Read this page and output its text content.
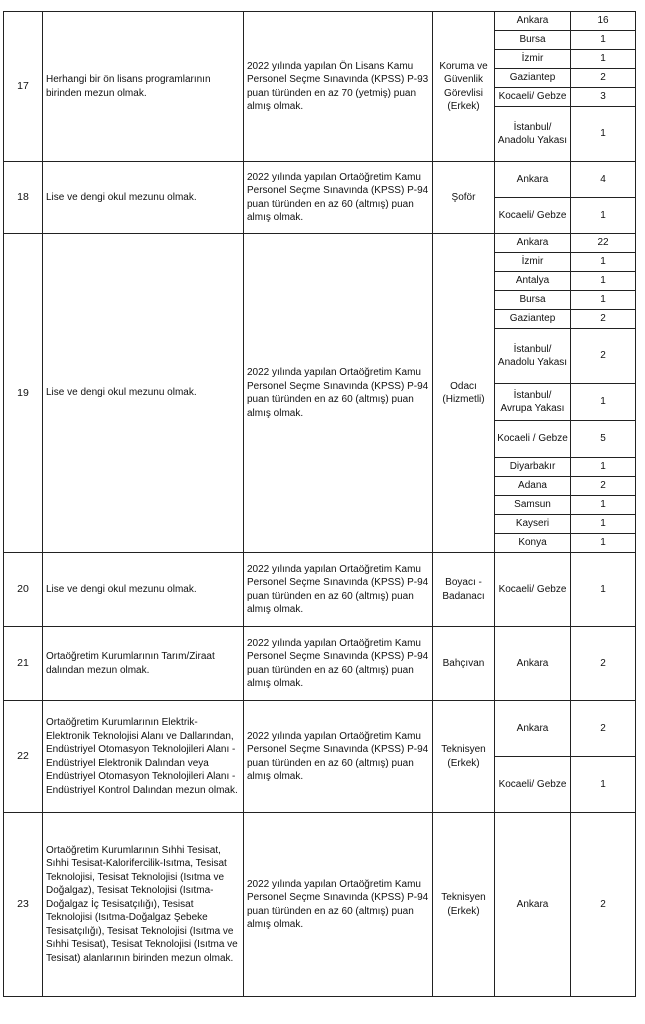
17	Herhangi bir ön lisans programlarının birinden mezun olmak.	2022 yılında yapılan Ön Lisans Kamu Personel Seçme Sınavında (KPSS) P-93 puan türünden en az 70 (yetmiş) puan almış olmak.	Koruma ve Güvenlik Görevlisi (Erkek)	Ankara	16
				Bursa	1
				İzmir	1
				Gaziantep	2
				Kocaeli/ Gebze	3
				İstanbul/ Anadolu Yakası	1
18	Lise ve dengi okul mezunu olmak.	2022 yılında yapılan Ortaöğretim Kamu Personel Seçme Sınavında (KPSS) P-94 puan türünden en az 60 (altmış) puan almış olmak.	Şoför	Ankara	4
				Kocaeli/ Gebze	1
19	Lise ve dengi okul mezunu olmak.	2022 yılında yapılan Ortaöğretim Kamu Personel Seçme Sınavında (KPSS) P-94 puan türünden en az 60 (altmış) puan almış olmak.	Odacı (Hizmetli)	Ankara	22
				İzmir	1
				Antalya	1
				Bursa	1
				Gaziantep	2
				İstanbul/ Anadolu Yakası	2
				İstanbul/ Avrupa Yakası	1
				Kocaeli / Gebze	5
				Diyarbakır	1
				Adana	2
				Samsun	1
				Kayseri	1
				Konya	1
20	Lise ve dengi okul mezunu olmak.	2022 yılında yapılan Ortaöğretim Kamu Personel Seçme Sınavında (KPSS) P-94 puan türünden en az 60 (altmış) puan almış olmak.	Boyacı - Badanacı	Kocaeli/ Gebze	1
21	Ortaöğretim Kurumlarının Tarım/Ziraat dalından mezun olmak.	2022 yılında yapılan Ortaöğretim Kamu Personel Seçme Sınavında (KPSS) P-94 puan türünden en az 60 (altmış) puan almış olmak.	Bahçıvan	Ankara	2
22	Ortaöğretim Kurumlarının Elektrik-Elektronik Teknolojisi Alanı ve Dallarından, Endüstriyel Otomasyon Teknolojileri Alanı - Endüstriyel Elektronik Dalından veya Endüstriyel Otomasyon Teknolojileri Alanı - Endüstriyel Kontrol Dalından mezun olmak.	2022 yılında yapılan Ortaöğretim Kamu Personel Seçme Sınavında (KPSS) P-94 puan türünden en az 60 (altmış) puan almış olmak.	Teknisyen (Erkek)	Ankara	2
				Kocaeli/ Gebze	1
23	Ortaöğretim Kurumlarının Sıhhi Tesisat, Sıhhi Tesisat-Kalorifercilik-Isıtma, Tesisat Teknolojisi, Tesisat Teknolojisi (Isıtma ve Doğalgaz), Tesisat Teknolojisi (Isıtma-Doğalgaz İç Tesisatçılığı), Tesisat Teknolojisi (Isıtma-Doğalgaz Şebeke Tesisatçılığı), Tesisat Teknolojisi (Isıtma ve Sıhhi Tesisat), Tesisat Teknolojisi (Isıtma ve Tesisat) alanlarının birinden mezun olmak.	2022 yılında yapılan Ortaöğretim Kamu Personel Seçme Sınavında (KPSS) P-94 puan türünden en az 60 (altmış) puan almış olmak.	Teknisyen (Erkek)	Ankara	2
